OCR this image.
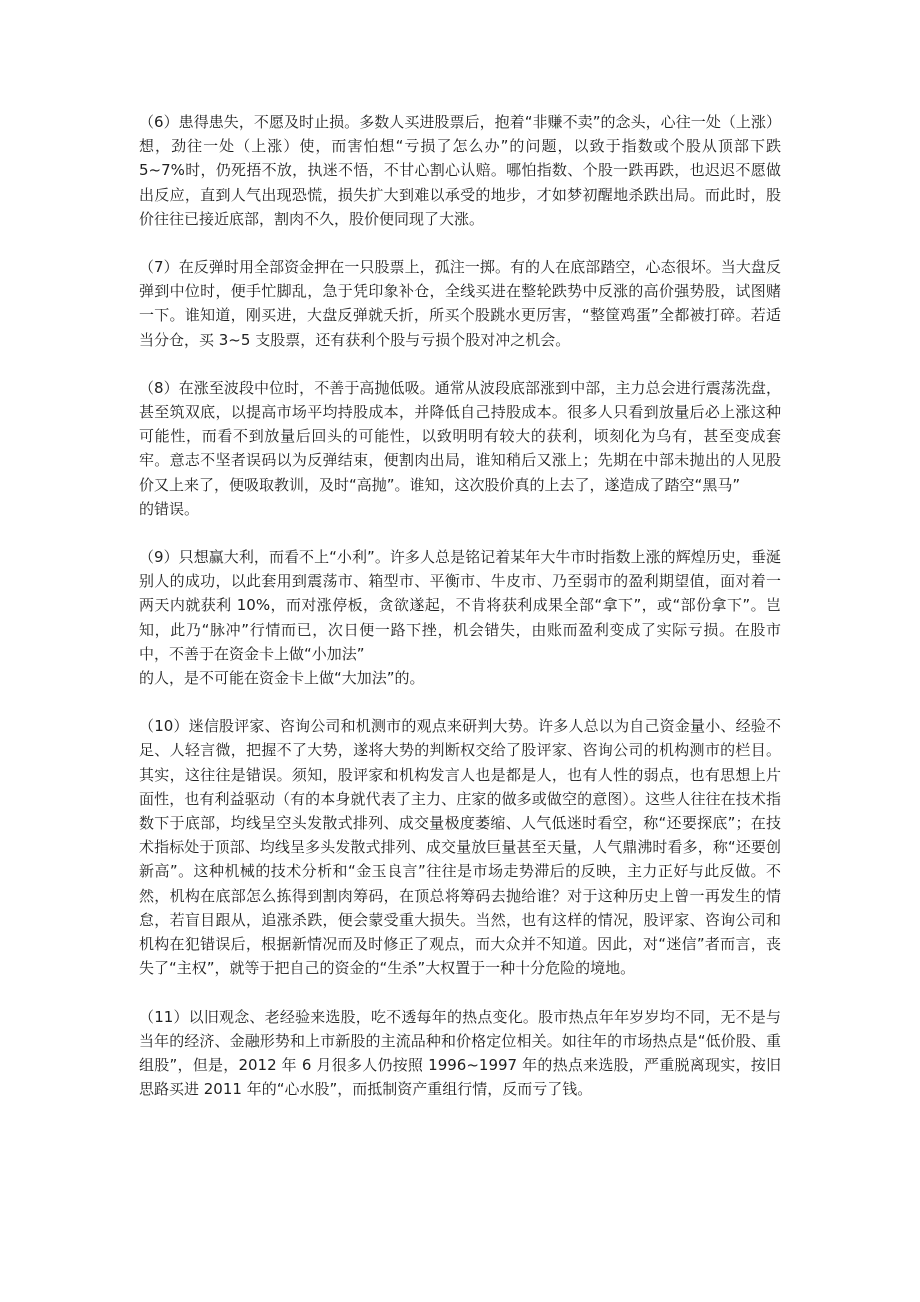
（6）患得患失，不愿及时止损。多数人买进股票后，抱着“非赚不卖”的念头，心往一处（上涨）想，劲往一处（上涨）使，而害怕想“亏损了怎么办”的问题，以致于指数或个股从顶部下跌 5~7%时，仍死捂不放，执迷不悟，不甘心割心认赔。哪怕指数、个股一跌再跌，也迟迟不愿做出反应，直到人气出现恐慌，损失扩大到难以承受的地步，才如梦初醒地杀跌出局。而此时，股价往往已接近底部，割肉不久，股价便同现了大涨。

（7）在反弹时用全部资金押在一只股票上，孤注一掷。有的人在底部踏空，心态很坏。当大盘反弹到中位时，便手忙脚乱，急于凭印象补仓，全线买进在整轮跌势中反涨的高价强势股，试图赌一下。谁知道，刚买进，大盘反弹就夭折，所买个股跳水更厉害，“整筐鸡蛋”全都被打碎。若适当分仓，买 3~5 支股票，还有获利个股与亏损个股对冲之机会。

（8）在涨至波段中位时，不善于高抛低吸。通常从波段底部涨到中部，主力总会进行震荡洗盘，甚至筑双底，以提高市场平均持股成本，并降低自己持股成本。很多人只看到放量后必上涨这种可能性，而看不到放量后回头的可能性，以致明明有较大的获利，顷刻化为乌有，甚至变成套牢。意志不坚者误码以为反弹结束，便割肉出局，谁知稍后又涨上；先期在中部未抛出的人见股价又上来了，便吸取教训，及时“高抛”。谁知，这次股价真的上去了，遂造成了踏空“黑马”
的错误。

（9）只想赢大利，而看不上“小利”。许多人总是铭记着某年大牛市时指数上涨的辉煌历史，垂涎别人的成功，以此套用到震荡市、箱型市、平衡市、牛皮市、乃至弱市的盈利期望值，面对着一两天内就获利 10%，而对涨停板，贪欲遂起，不肯将获利成果全部“拿下”，或“部份拿下”。岂知，此乃“脉冲”行情而已，次日便一路下挫，机会错失，由账而盈利变成了实际亏损。在股市中，不善于在资金卡上做“小加法”
的人，是不可能在资金卡上做“大加法”的。

（10）迷信股评家、咨询公司和机测市的观点来研判大势。许多人总以为自己资金量小、经验不足、人轻言微，把握不了大势，遂将大势的判断权交给了股评家、咨询公司的机构测市的栏目。其实，这往往是错误。须知，股评家和机构发言人也是都是人，也有人性的弱点，也有思想上片面性，也有利益驱动（有的本身就代表了主力、庄家的做多或做空的意图）。这些人往往在技术指数下于底部，均线呈空头发散式排列、成交量极度萎缩、人气低迷时看空，称“还要探底”；在技术指标处于顶部、均线呈多头发散式排列、成交量放巨量甚至天量，人气鼎沸时看多，称“还要创新高”。这种机械的技术分析和“金玉良言”往往是市场走势滞后的反映，主力正好与此反做。不然，机构在底部怎么拣得到割肉筹码，在顶总将筹码去抛给谁？对于这种历史上曾一再发生的情怠，若盲目跟从，追涨杀跌，便会蒙受重大损失。当然，也有这样的情况，股评家、咨询公司和机构在犯错误后，根据新情况而及时修正了观点，而大众并不知道。因此，对“迷信”者而言，丧失了“主权”，就等于把自己的资金的“生杀”大权置于一种十分危险的境地。

（11）以旧观念、老经验来选股，吃不透每年的热点变化。股市热点年年岁岁均不同，无不是与当年的经济、金融形势和上市新股的主流品种和价格定位相关。如往年的市场热点是“低价股、重组股”，但是，2012 年 6 月很多人仍按照 1996~1997 年的热点来选股，严重脱离现实，按旧思路买进 2011 年的“心水股”，而抵制资产重组行情，反而亏了钱。
